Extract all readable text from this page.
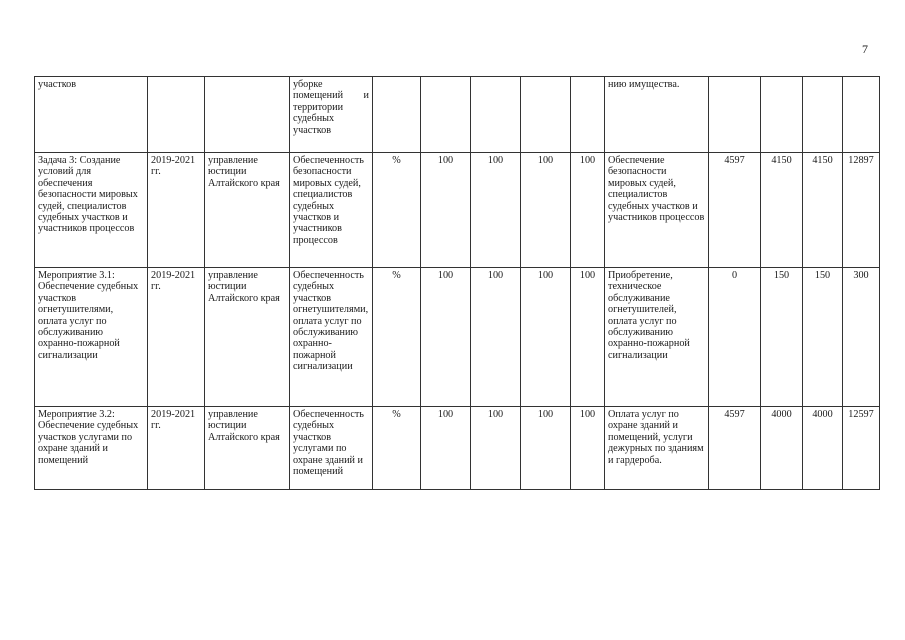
7
участков			уборке помещений и территории судебных участков						нию имущества.				
Задача 3: Создание условий для обеспечения безопасности мировых судей, специалистов судебных участков и участников процессов	2019-2021 гг.	управление юстиции Алтайского края	Обеспеченность безопасности мировых судей, специалистов судебных участков и участников процессов	%	100	100	100	100	Обеспечение безопасности мировых судей, специалистов судебных участков и участников процессов	4597	4150	4150	12897
Мероприятие 3.1: Обеспечение судебных участков огнетушителями, оплата услуг по обслуживанию охранно-пожарной сигнализации	2019-2021 гг.	управление юстиции Алтайского края	Обеспеченность судебных участков огнетушителями,оплата услуг по обслуживанию охранно-пожарной сигнализации	%	100	100	100	100	Приобретение, техническое обслуживание огнетушителей, оплата услуг по обслуживанию охранно-пожарной сигнализации	0	150	150	300
Мероприятие 3.2: Обеспечение судебных участков услугами по охране зданий и помещений	2019-2021 гг.	управление юстиции Алтайского края	Обеспеченность судебных участков услугами по охране зданий и помещений	%	100	100	100	100	Оплата услуг по охране зданий и помещений, услуги дежурных по зданиям и гардероба.	4597	4000	4000	12597
